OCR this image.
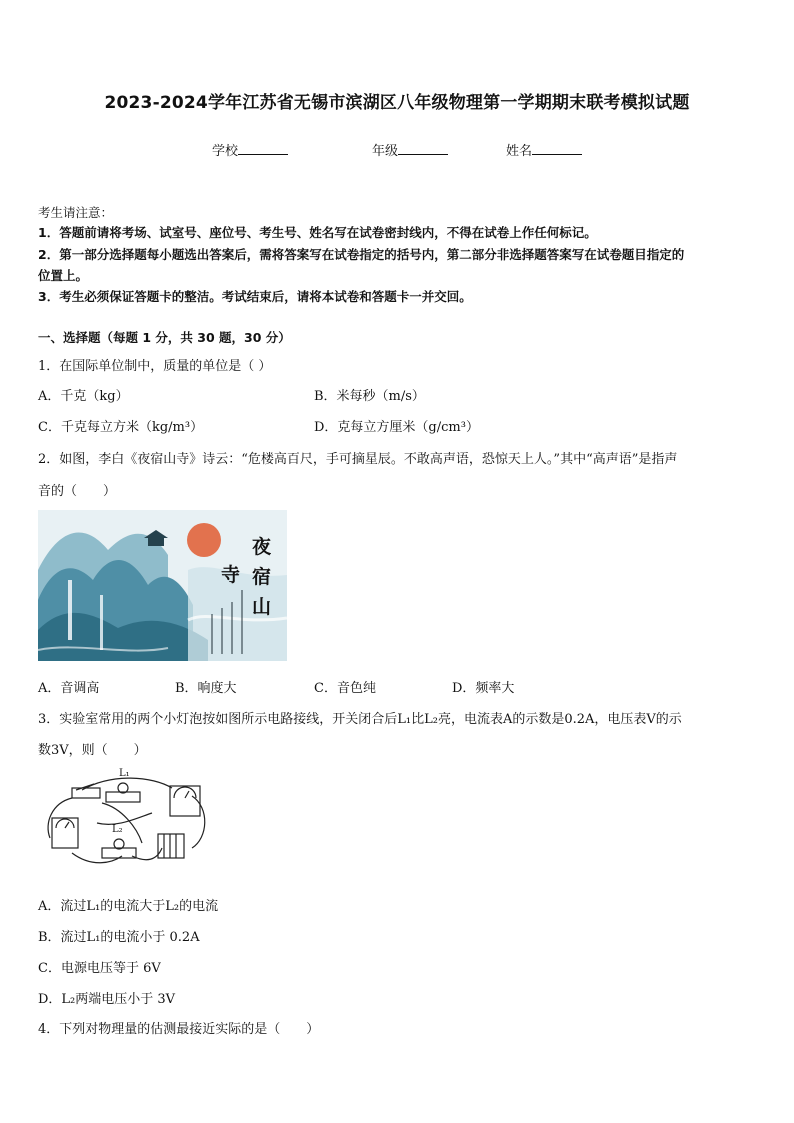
2023-2024学年江苏省无锡市滨湖区八年级物理第一学期期末联考模拟试题
学校	年级	姓名
考生请注意：
1．答题前请将考场、试室号、座位号、考生号、姓名写在试卷密封线内，不得在试卷上作任何标记。
2．第一部分选择题每小题选出答案后，需将答案写在试卷指定的括号内，第二部分非选择题答案写在试卷题目指定的
位置上。
3．考生必须保证答题卡的整洁。考试结束后，请将本试卷和答题卡一并交回。
一、选择题（每题 1 分，共 30 题，30 分）
1．在国际单位制中，质量的单位是（ ）
A．千克（kg）	B．米每秒（m/s）
C．千克每立方米（kg/m³）	D．克每立方厘米（g/cm³）
2．如图，李白《夜宿山寺》诗云：“危楼高百尺，手可摘星辰。不敢高声语，恐惊天上人。”其中“高声语”是指声
音的（　　）
夜
宿
山
寺
A．音调高	B．响度大	C．音色纯	D．频率大
3．实验室常用的两个小灯泡按如图所示电路接线，开关闭合后L₁比L₂亮，电流表A的示数是0.2A，电压表V的示
数3V，则（　　）
L₁
L₂
A．流过L₁的电流大于L₂的电流
B．流过L₁的电流小于 0.2A
C．电源电压等于 6V
D．L₂两端电压小于 3V
4．下列对物理量的估测最接近实际的是（　　）
